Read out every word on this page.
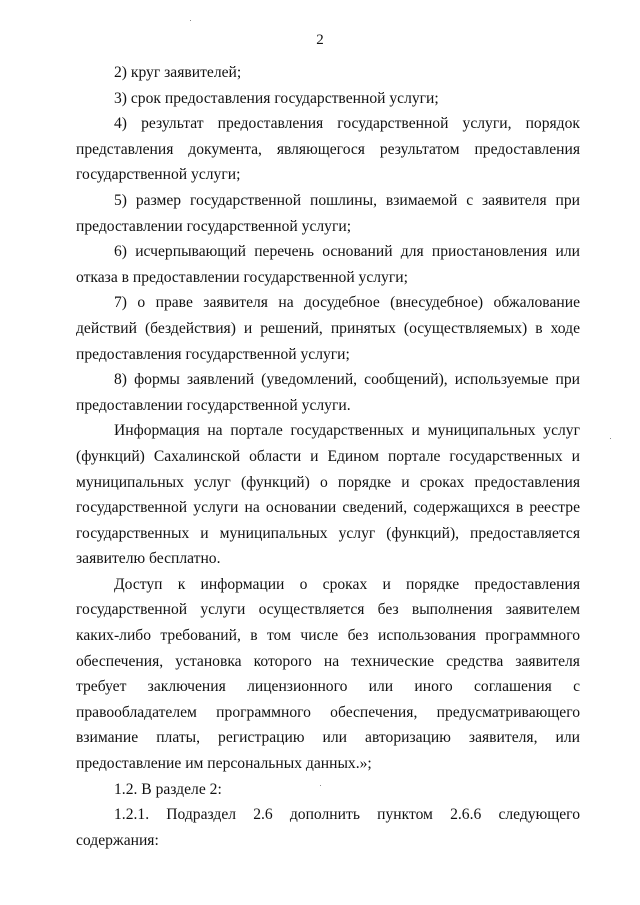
2

2) круг заявителей;

3) срок предоставления государственной услуги;

4) результат предоставления государственной услуги, порядок представления документа, являющегося результатом предоставления государственной услуги;

5) размер государственной пошлины, взимаемой с заявителя при предоставлении государственной услуги;

6) исчерпывающий перечень оснований для приостановления или отказа в предоставлении государственной услуги;

7) о праве заявителя на досудебное (внесудебное) обжалование действий (бездействия) и решений, принятых (осуществляемых) в ходе предоставления государственной услуги;

8) формы заявлений (уведомлений, сообщений), используемые при предоставлении государственной услуги.

Информация на портале государственных и муниципальных услуг (функций) Сахалинской области и Едином портале государственных и муниципальных услуг (функций) о порядке и сроках предоставления государственной услуги на основании сведений, содержащихся в реестре государственных и муниципальных услуг (функций), предоставляется заявителю бесплатно.

Доступ к информации о сроках и порядке предоставления государственной услуги осуществляется без выполнения заявителем каких-либо требований, в том числе без использования программного обеспечения, установка которого на технические средства заявителя требует заключения лицензионного или иного соглашения с правообладателем программного обеспечения, предусматривающего взимание платы, регистрацию или авторизацию заявителя, или предоставление им персональных данных.»;

1.2. В разделе 2:

1.2.1. Подраздел 2.6 дополнить пунктом 2.6.6 следующего содержания:
